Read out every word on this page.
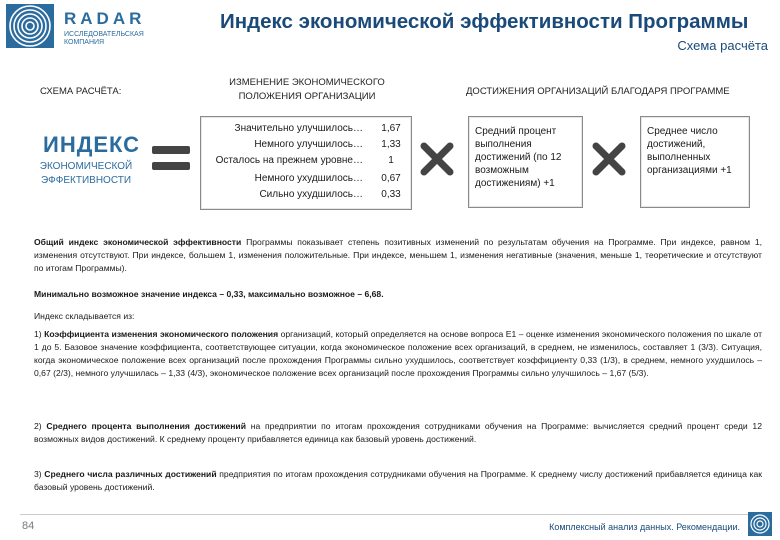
RADAR
ИССЛЕДОВАТЕЛЬСКАЯ КОМПАНИЯ
Индекс экономической эффективности Программы
Схема расчёта
СХЕМА РАСЧЁТА:
ИЗМЕНЕНИЕ ЭКОНОМИЧЕСКОГО ПОЛОЖЕНИЯ ОРГАНИЗАЦИИ	ДОСТИЖЕНИЯ ОРГАНИЗАЦИЙ БЛАГОДАРЯ ПРОГРАММЕ
ИНДЕКС
ЭКОНОМИЧЕСКОЙ ЭФФЕКТИВНОСТИ
Значительно улучшилось…	1,67
Немного улучшилось…	1,33
Осталось на прежнем уровне…	1
Немного ухудшилось…	0,67
Сильно ухудшилось…	0,33
Средний процент выполнения достижений (по 12 возможным достижениям) +1
Среднее число достижений, выполненных организациями +1
Общий индекс экономической эффективности Программы показывает степень позитивных изменений по результатам обучения на Программе. При индексе, равном 1, изменения отсутствуют. При индексе, большем 1, изменения положительные. При индексе, меньшем 1, изменения негативные (значения, меньше 1, теоретические и отсутствуют по итогам Программы).
Минимально возможное значение индекса – 0,33, максимально возможное – 6,68.
Индекс складывается из:
1) Коэффициента изменения экономического положения организаций, который определяется на основе вопроса Е1 – оценке изменения экономического положения по шкале от 1 до 5. Базовое значение коэффициента, соответствующее ситуации, когда экономическое положение всех организаций, в среднем, не изменилось, составляет 1 (3/3). Ситуация, когда экономическое положение всех организаций после прохождения Программы сильно ухудшилось, соответствует коэффициенту 0,33 (1/3), в среднем, немного ухудшилось – 0,67 (2/3), немного улучшилась – 1,33 (4/3), экономическое положение всех организаций после прохождения Программы сильно улучшилось – 1,67 (5/3).
2) Среднего процента выполнения достижений на предприятии по итогам прохождения сотрудниками обучения на Программе: вычисляется средний процент среди 12 возможных видов достижений. К среднему проценту прибавляется единица как базовый уровень достижений.
3) Среднего числа различных достижений предприятия по итогам прохождения сотрудниками обучения на Программе. К среднему числу достижений прибавляется единица как базовый уровень достижений.
84	Комплексный анализ данных. Рекомендации.
